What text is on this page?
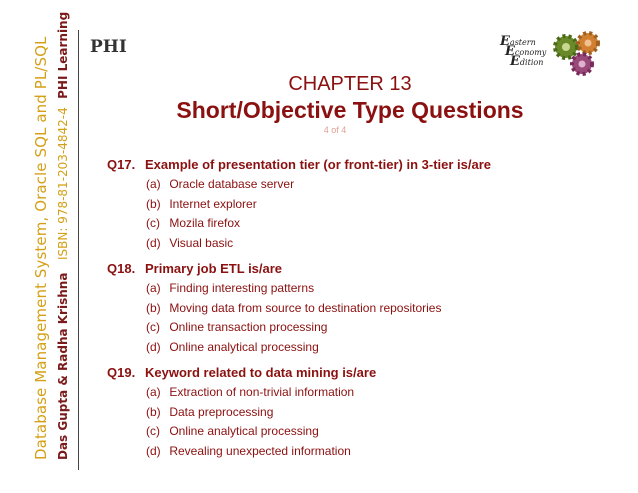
Database Management System, Oracle SQL and PL/SQL Das Gupta & Radha Krishna   ISBN: 978-81-203-4842-4  PHI Learning PHI	Eastern
Economy
Edition
CHAPTER 13
Short/Objective Type Questions
4 of 4
Q17. Example of presentation tier (or front-tier) in 3-tier is/are
(a) Oracle database server
(b) Internet explorer
(c) Mozila firefox
(d) Visual basic
Q18. Primary job ETL is/are
(a) Finding interesting patterns
(b) Moving data from source to destination repositories
(c) Online transaction processing
(d) Online analytical processing
Q19. Keyword related to data mining is/are
(a) Extraction of non-trivial information
(b) Data preprocessing
(c) Online analytical processing
(d) Revealing unexpected information
